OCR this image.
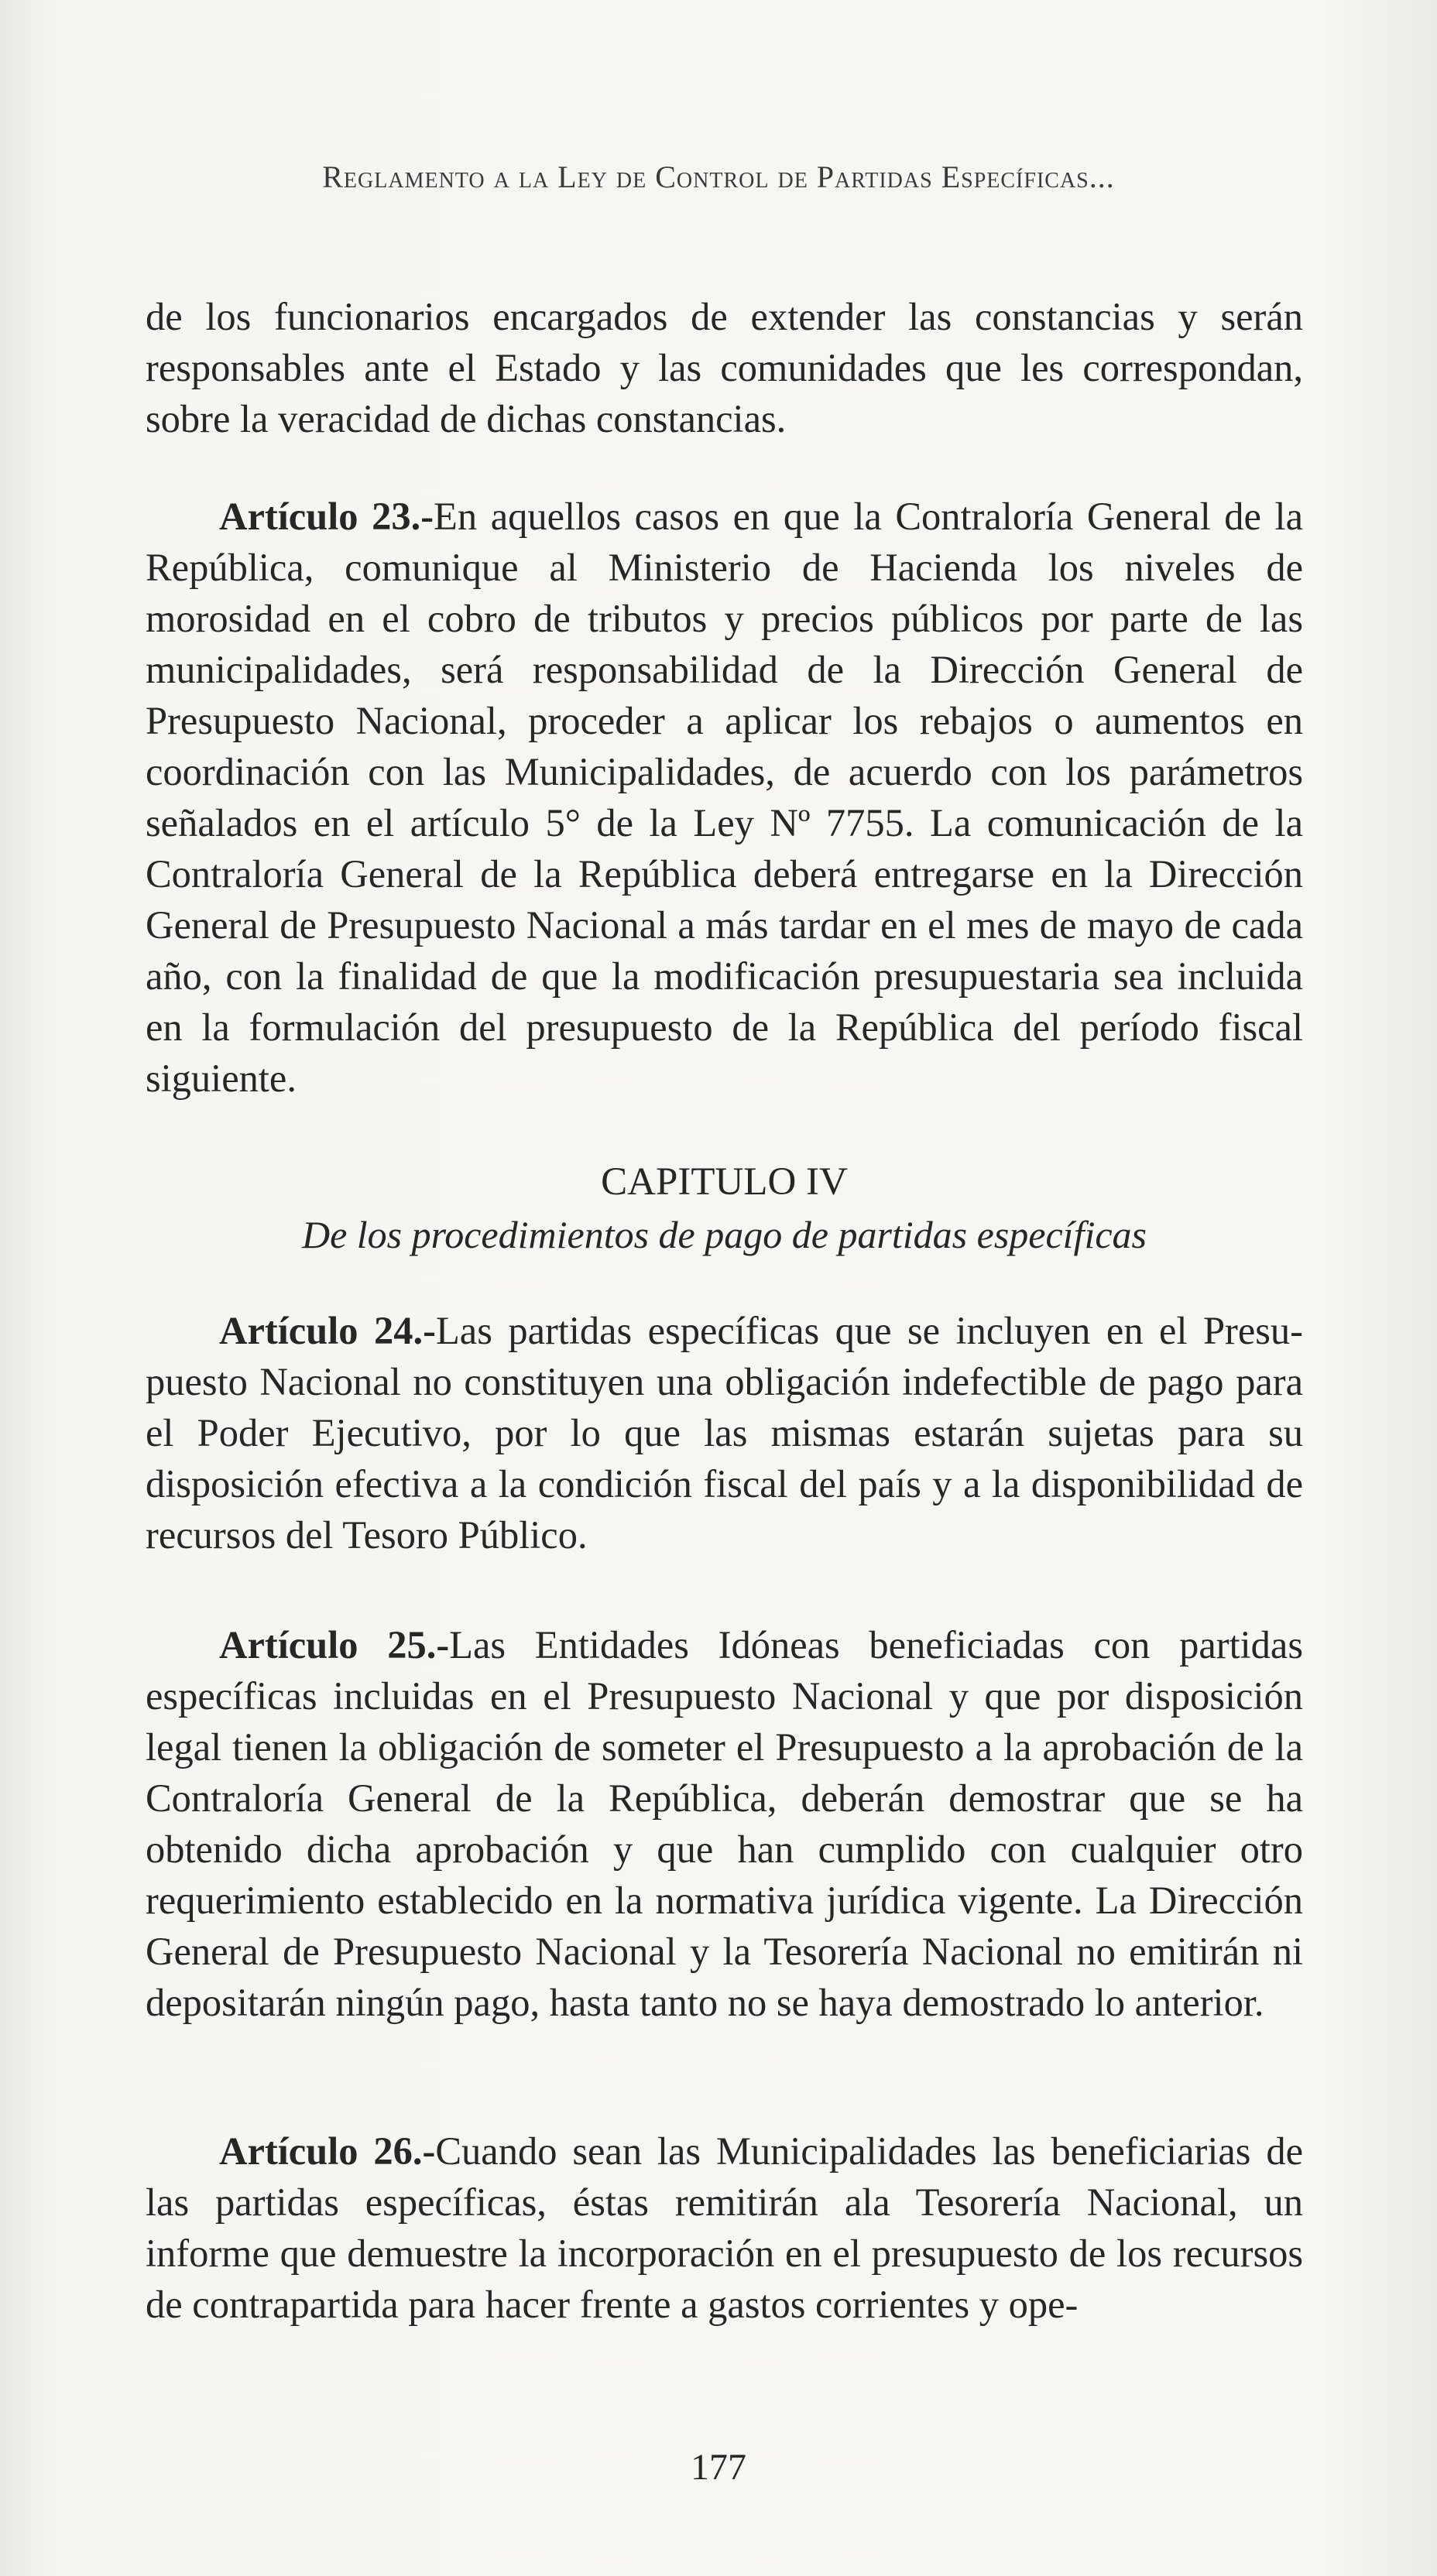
Reglamento a la Ley de Control de Partidas Específicas...

de los funcionarios encargados de extender las constancias y serán responsables ante el Estado y las comunidades que les correspondan, sobre la veracidad de dichas constancias.

Artículo 23.-En aquellos casos en que la Contraloría General de la República, comunique al Ministerio de Hacienda los niveles de morosidad en el cobro de tributos y precios públicos por parte de las municipalidades, será responsabilidad de la Dirección General de Presupuesto Nacional, proceder a aplicar los rebajos o aumentos en coordinación con las Municipalidades, de acuerdo con los parámetros señalados en el artículo 5° de la Ley Nº 7755. La comunicación de la Contraloría General de la República deberá entregarse en la Dirección General de Presupuesto Nacional a más tardar en el mes de mayo de cada año, con la finalidad de que la modificación presupuestaria sea incluida en la formulación del presupuesto de la República del período fiscal siguiente.

CAPITULO IV
De los procedimientos de pago de partidas específicas

Artículo 24.-Las partidas específicas que se incluyen en el Presupuesto Nacional no constituyen una obligación indefectible de pago para el Poder Ejecutivo, por lo que las mismas estarán sujetas para su disposición efectiva a la condición fiscal del país y a la disponibilidad de recursos del Tesoro Público.

Artículo 25.-Las Entidades Idóneas beneficiadas con partidas específicas incluidas en el Presupuesto Nacional y que por disposición legal tienen la obligación de someter el Presupuesto a la aprobación de la Contraloría General de la República, deberán demostrar que se ha obtenido dicha aprobación y que han cumplido con cualquier otro requerimiento establecido en la normativa jurídica vigente. La Dirección General de Presupuesto Nacional y la Tesorería Nacional no emitirán ni depositarán ningún pago, hasta tanto no se haya demostrado lo anterior.

Artículo 26.-Cuando sean las Municipalidades las beneficiarias de las partidas específicas, éstas remitirán ala Tesorería Nacional, un informe que demuestre la incorporación en el presupuesto de los recursos de contrapartida para hacer frente a gastos corrientes y ope-

177
